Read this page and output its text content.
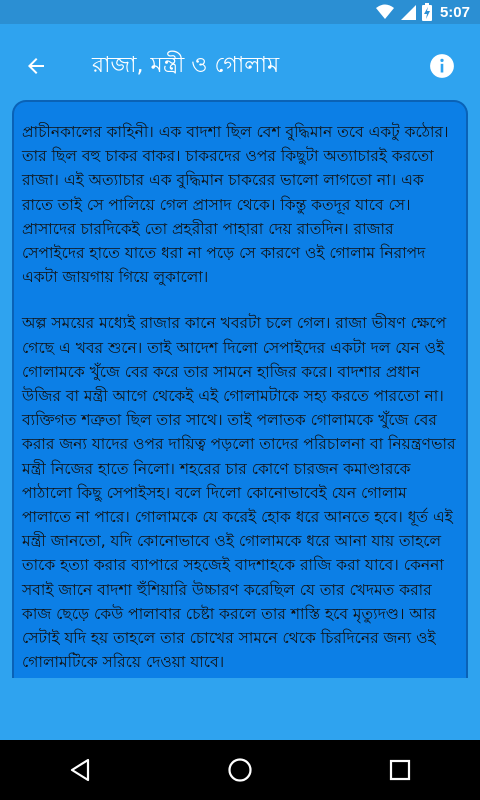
5:07
রাজা, মন্ত্রী ও গোলাম

প্রাচীনকালের কাহিনী। এক বাদশা ছিল বেশ বুদ্ধিমান তবে একটু কঠোর। তার ছিল বহু চাকর বাকর। চাকরদের ওপর কিছুটা অত্যাচারই করতো রাজা। এই অত্যাচার এক বুদ্ধিমান চাকরের ভালো লাগতো না। এক রাতে তাই সে পালিয়ে গেল প্রাসাদ থেকে। কিন্তু কতদূর যাবে সে। প্রাসাদের চারদিকেই তো প্রহরীরা পাহারা দেয় রাতদিন। রাজার সেপাইদের হাতে যাতে ধরা না পড়ে সে কারণে ওই গোলাম নিরাপদ একটা জায়গায় গিয়ে লুকালো।

অল্প সময়ের মধ্যেই রাজার কানে খবরটা চলে গেল। রাজা ভীষণ ক্ষেপে গেছে এ খবর শুনে। তাই আদেশ দিলো সেপাইদের একটা দল যেন ওই গোলামকে খুঁজে বের করে তার সামনে হাজির করে। বাদশার প্রধান উজির বা মন্ত্রী আগে থেকেই এই গোলামটাকে সহ্য করতে পারতো না। ব্যক্তিগত শত্রুতা ছিল তার সাথে। তাই পলাতক গোলামকে খুঁজে বের করার জন্য যাদের ওপর দায়িত্ব পড়লো তাদের পরিচালনা বা নিয়ন্ত্রণভার মন্ত্রী নিজের হাতে নিলো। শহরের চার কোণে চারজন কমাণ্ডারকে পাঠালো কিছু সেপাইসহ। বলে দিলো কোনোভাবেই যেন গোলাম পালাতে না পারে। গোলামকে যে করেই হোক ধরে আনতে হবে। ধূর্ত এই মন্ত্রী জানতো, যদি কোনোভাবে ওই গোলামকে ধরে আনা যায় তাহলে তাকে হত্যা করার ব্যাপারে সহজেই বাদশাহকে রাজি করা যাবে। কেননা সবাই জানে বাদশা হুঁশিয়ারি উচ্চারণ করেছিল যে তার খেদমত করার কাজ ছেড়ে কেউ পালাবার চেষ্টা করলে তার শাস্তি হবে মৃত্যুদণ্ড। আর সেটাই যদি হয় তাহলে তার চোখের সামনে থেকে চিরদিনের জন্য ওই গোলামটিকে সরিয়ে দেওয়া যাবে।
